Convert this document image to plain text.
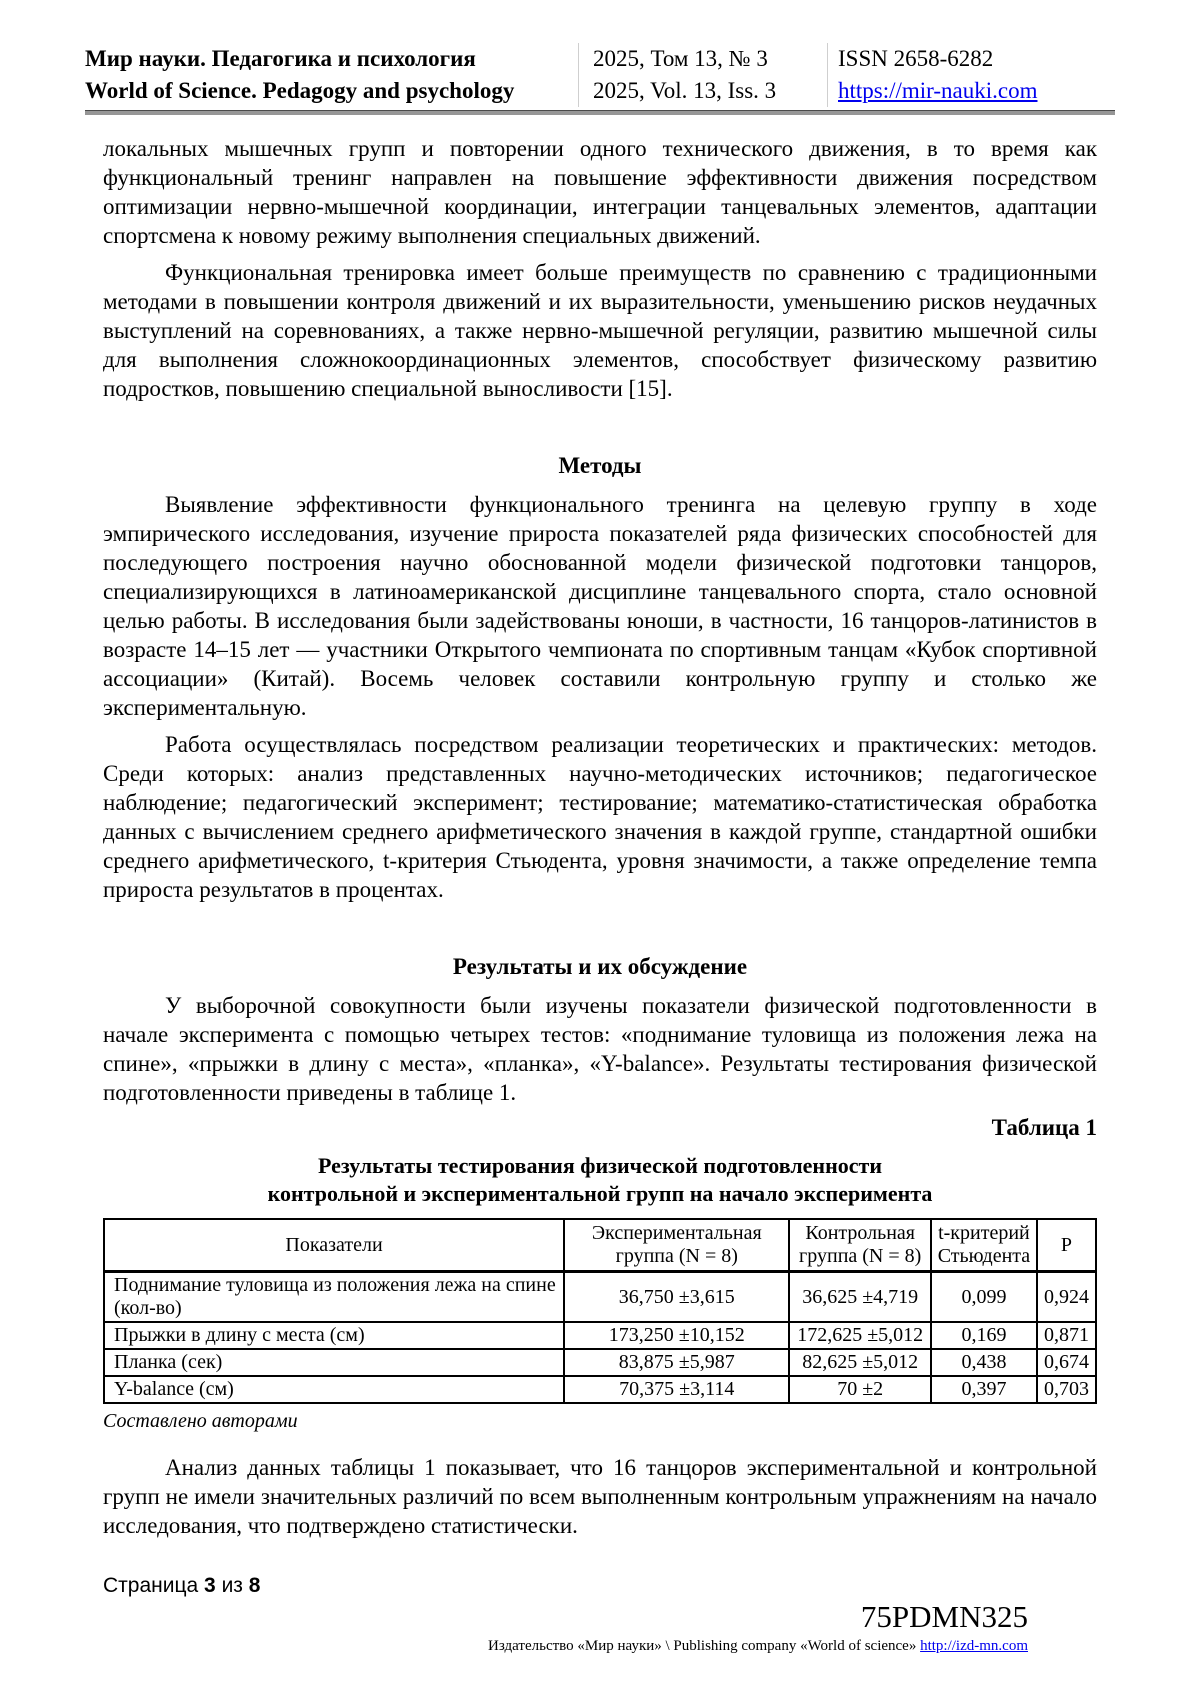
Мир науки. Педагогика и психология
World of Science. Pedagogy and psychology
2025, Том 13, № 3
2025, Vol. 13, Iss. 3
ISSN 2658-6282
https://mir-nauki.com

локальных мышечных групп и повторении одного технического движения, в то время как функциональный тренинг направлен на повышение эффективности движения посредством оптимизации нервно-мышечной координации, интеграции танцевальных элементов, адаптации спортсмена к новому режиму выполнения специальных движений.

Функциональная тренировка имеет больше преимуществ по сравнению с традиционными методами в повышении контроля движений и их выразительности, уменьшению рисков неудачных выступлений на соревнованиях, а также нервно-мышечной регуляции, развитию мышечной силы для выполнения сложнокоординационных элементов, способствует физическому развитию подростков, повышению специальной выносливости [15].

Методы

Выявление эффективности функционального тренинга на целевую группу в ходе эмпирического исследования, изучение прироста показателей ряда физических способностей для последующего построения научно обоснованной модели физической подготовки танцоров, специализирующихся в латиноамериканской дисциплине танцевального спорта, стало основной целью работы. В исследования были задействованы юноши, в частности, 16 танцоров-латинистов в возрасте 14–15 лет — участники Открытого чемпионата по спортивным танцам «Кубок спортивной ассоциации» (Китай). Восемь человек составили контрольную группу и столько же экспериментальную.

Работа осуществлялась посредством реализации теоретических и практических: методов. Среди которых: анализ представленных научно-методических источников; педагогическое наблюдение; педагогический эксперимент; тестирование; математико-статистическая обработка данных с вычислением среднего арифметического значения в каждой группе, стандартной ошибки среднего арифметического, t-критерия Стьюдента, уровня значимости, а также определение темпа прироста результатов в процентах.

Результаты и их обсуждение

У выборочной совокупности были изучены показатели физической подготовленности в начале эксперимента с помощью четырех тестов: «поднимание туловища из положения лежа на спине», «прыжки в длину с места», «планка», «Y-balance». Результаты тестирования физической подготовленности приведены в таблице 1.

Таблица 1
Результаты тестирования физической подготовленности
контрольной и экспериментальной групп на начало эксперимента
Показатели	Экспериментальная группа (N = 8)	Контрольная группа (N = 8)	t-критерий Стьюдента	P
Поднимание туловища из положения лежа на спине (кол-во)	36,750 ±3,615	36,625 ±4,719	0,099	0,924
Прыжки в длину с места (см)	173,250 ±10,152	172,625 ±5,012	0,169	0,871
Планка (сек)	83,875 ±5,987	82,625 ±5,012	0,438	0,674
Y-balance (см)	70,375 ±3,114	70 ±2	0,397	0,703
Составлено авторами

Анализ данных таблицы 1 показывает, что 16 танцоров экспериментальной и контрольной групп не имели значительных различий по всем выполненным контрольным упражнениям на начало исследования, что подтверждено статистически.

Страница 3 из 8
75PDMN325
Издательство «Мир науки» \ Publishing company «World of science» http://izd-mn.com
